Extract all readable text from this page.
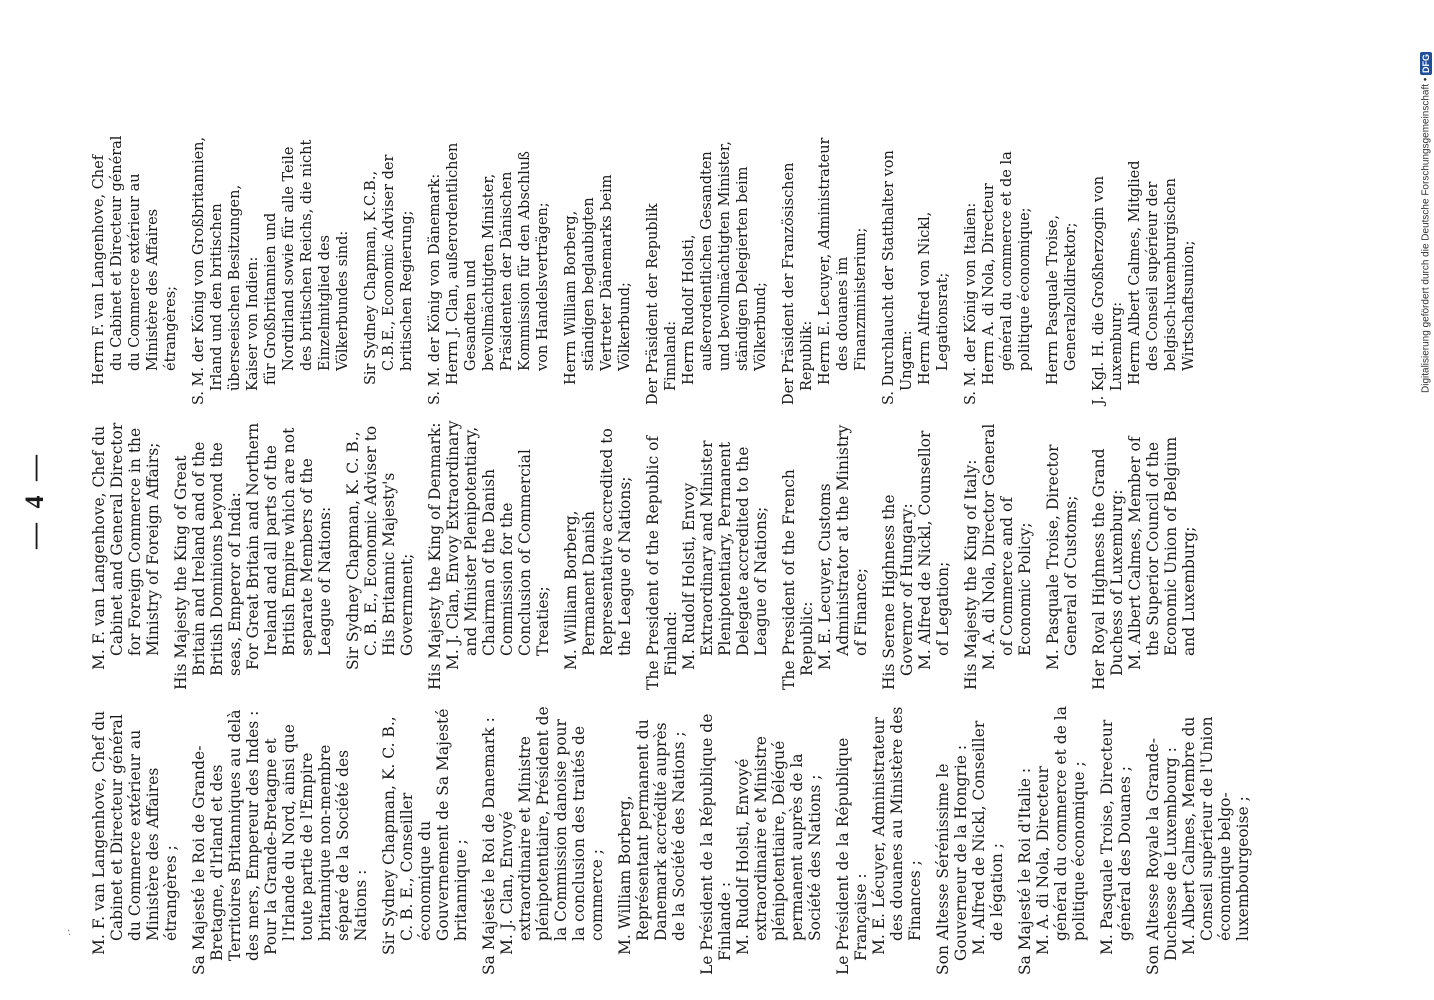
— 4 —
M. F. van Langenhove, Chef du Cabinet et Directeur général du Commerce extérieur au Ministère des Affaires étrangères ; Sa Majesté le Roi de Grande-Bretagne, d'Irland et des Territoires Britanniques au delà des mers, Empereur des Indes : Pour la Grande-Bretagne et l'Irlande du Nord, ainsi que toute partie de l'Empire britannique non-membre séparé de la Société des Nations : Sir Sydney Chapman, K. C. B., C. B. E., Conseiller économique du Gouvernement de Sa Majesté britannique ; Sa Majesté le Roi de Danemark : M. J. Clan, Envoyé extraordinaire et Ministre plénipotentiaire, Président de la Commission danoise pour la conclusion des traités de commerce ; M. William Borberg, Représentant permanent du Danemark accrédité auprès de la Société des Nations ; Le Président de la République de Finlande : M. Rudolf Holsti, Envoyé extraordinaire et Ministre plénipotentiaire, Délégué permanent auprès de la Société des Nations ; Le Président de la République Française : M. E. Lécuyer, Administrateur des douanes au Ministère des Finances ; Son Altesse Sérénissime le Gouverneur de la Hongrie : M. Alfred de Nickl, Conseiller de légation ; Sa Majesté le Roi d'Italie : M. A. di Nola, Directeur général du commerce et de la politique économique ; M. Pasquale Troise, Directeur général des Douanes ; Son Altesse Royale la Grande-Duchesse de Luxembourg : M. Albert Calmes, Membre du Conseil supérieur de l'Union économique belgo-luxembourgeoise ;
M. F. van Langenhove, Chef du Cabinet and General Director for Foreign Commerce in the Ministry of Foreign Affairs; His Majesty the King of Great Britain and Ireland and of the British Dominions beyond the seas, Emperor of India: For Great Britain and Northern Ireland and all parts of the British Empire which are not separate Members of the League of Nations: Sir Sydney Chapman, K. C. B., C. B. E., Economic Adviser to His Britannic Majesty's Government; His Majesty the King of Denmark: M. J. Clan, Envoy Extraordinary and Minister Plenipotentiary, Chairman of the Danish Commission for the Conclusion of Commercial Treaties; M. William Borberg, Permanent Danish Representative accredited to the League of Nations; The President of the Republic of Finland: M. Rudolf Holsti, Envoy Extraordinary and Minister Plenipotentiary, Permanent Delegate accredited to the League of Nations; The President of the French Republic: M. E. Lecuyer, Customs Administrator at the Ministry of Finance; His Serene Highness the Governor of Hungary: M. Alfred de Nickl, Counsellor of Legation; His Majesty the King of Italy: M. A. di Nola, Director General of Commerce and of Economic Policy; M. Pasquale Troise, Director General of Customs; Her Royal Highness the Grand Duchess of Luxemburg: M. Albert Calmes, Member of the Superior Council of the Economic Union of Belgium and Luxemburg;
Herrn F. van Langenhove, Chef du Cabinet et Directeur général du Commerce extérieur au Ministère des Affaires étrangères; S. M. der König von Großbritannien, Irland und den britischen überseeischen Besitzungen, Kaiser von Indien: für Großbritannien und Nordirland sowie für alle Teile des britischen Reichs, die nicht Einzelmitglied des Völkerbundes sind: Sir Sydney Chapman, K.C.B., C.B.E., Economic Adviser der britischen Regierung; S. M. der König von Dänemark: Herrn J. Clan, außerordentlichen Gesandten und bevollmächtigten Minister, Präsidenten der Dänischen Kommission für den Abschluß von Handelsverträgen; Herrn William Borberg, ständigen beglaubigten Vertreter Dänemarks beim Völkerbund; Der Präsident der Republik Finnland: Herrn Rudolf Holsti, außerordentlichen Gesandten und bevollmächtigten Minister, ständigen Delegierten beim Völkerbund; Der Präsident der Französischen Republik: Herrn E. Lecuyer, Administrateur des douanes im Finanzministerium; S. Durchlaucht der Statthalter von Ungarn: Herrn Alfred von Nickl, Legationsrat; S. M. der König von Italien: Herrn A. di Nola, Directeur général du commerce et de la politique économique; Herrn Pasquale Troise, Generalzolldirektor; J. Kgl. H. die Großherzogin von Luxemburg: Herrn Albert Calmes, Mitglied des Conseil supérieur der belgisch-luxemburgischen Wirtschaftsunion;	Digitalisierung gefördert durch die Deutsche Forschungsgemeinschaft •
DFG
·̓
